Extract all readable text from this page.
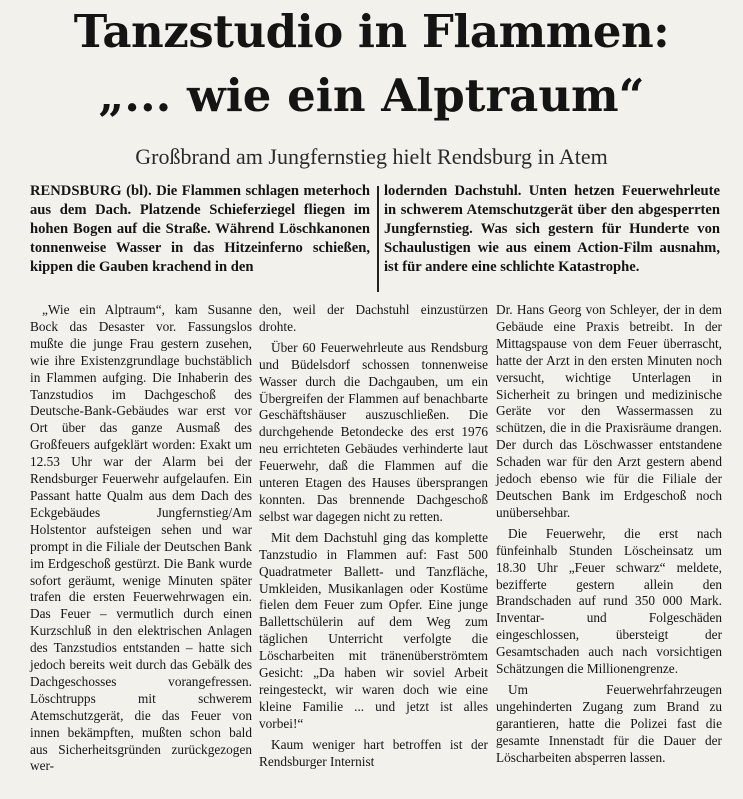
Tanzstudio in Flammen:
„... wie ein Alptraum“
Großbrand am Jungfernstieg hielt Rendsburg in Atem
RENDSBURG (bl). Die Flammen schlagen meterhoch aus dem Dach. Platzende Schieferziegel fliegen im hohen Bogen auf die Straße. Während Löschkanonen tonnenweise Wasser in das Hitzeinferno schießen, kippen die Gauben krachend in den
lodernden Dachstuhl. Unten hetzen Feuerwehrleute in schwerem Atemschutzgerät über den abgesperrten Jungfernstieg. Was sich gestern für Hunderte von Schaulustigen wie aus einem Action-Film ausnahm, ist für andere eine schlichte Katastrophe.

„Wie ein Alptraum“, kam Susanne Bock das Desaster vor. Fassungslos mußte die junge Frau gestern zusehen, wie ihre Existenzgrundlage buchstäblich in Flammen aufging. Die Inhaberin des Tanzstudios im Dachgeschoß des Deutsche-Bank-Gebäudes war erst vor Ort über das ganze Ausmaß des Großfeuers aufgeklärt worden: Exakt um 12.53 Uhr war der Alarm bei der Rendsburger Feuerwehr aufgelaufen. Ein Passant hatte Qualm aus dem Dach des Eckgebäudes Jungfernstieg/Am Holstentor aufsteigen sehen und war prompt in die Filiale der Deutschen Bank im Erdgeschoß gestürzt. Die Bank wurde sofort geräumt, wenige Minuten später trafen die ersten Feuerwehrwagen ein. Das Feuer – vermutlich durch einen Kurzschluß in den elektrischen Anlagen des Tanzstudios entstanden – hatte sich jedoch bereits weit durch das Gebälk des Dachgeschosses vorangefressen. Löschtrupps mit schwerem Atemschutzgerät, die das Feuer von innen bekämpften, mußten schon bald aus Sicherheitsgründen zurückgezogen wer-

den, weil der Dachstuhl einzustürzen drohte.

Über 60 Feuerwehrleute aus Rendsburg und Büdelsdorf schossen tonnenweise Wasser durch die Dachgauben, um ein Übergreifen der Flammen auf benachbarte Geschäftshäuser auszuschließen. Die durchgehende Betondecke des erst 1976 neu errichteten Gebäudes verhinderte laut Feuerwehr, daß die Flammen auf die unteren Etagen des Hauses übersprangen konnten. Das brennende Dachgeschoß selbst war dagegen nicht zu retten.

Mit dem Dachstuhl ging das komplette Tanzstudio in Flammen auf: Fast 500 Quadratmeter Ballett- und Tanzfläche, Umkleiden, Musikanlagen oder Kostüme fielen dem Feuer zum Opfer. Eine junge Ballettschülerin auf dem Weg zum täglichen Unterricht verfolgte die Löscharbeiten mit tränenüberströmtem Gesicht: „Da haben wir soviel Arbeit reingesteckt, wir waren doch wie eine kleine Familie ... und jetzt ist alles vorbei!“

Kaum weniger hart betroffen ist der Rendsburger Internist

Dr. Hans Georg von Schleyer, der in dem Gebäude eine Praxis betreibt. In der Mittagspause von dem Feuer überrascht, hatte der Arzt in den ersten Minuten noch versucht, wichtige Unterlagen in Sicherheit zu bringen und medizinische Geräte vor den Wassermassen zu schützen, die in die Praxisräume drangen. Der durch das Löschwasser entstandene Schaden war für den Arzt gestern abend jedoch ebenso wie für die Filiale der Deutschen Bank im Erdgeschoß noch unübersehbar.

Die Feuerwehr, die erst nach fünfeinhalb Stunden Löscheinsatz um 18.30 Uhr „Feuer schwarz“ meldete, bezifferte gestern allein den Brandschaden auf rund 350 000 Mark. Inventar- und Folgeschäden eingeschlossen, übersteigt der Gesamtschaden auch nach vorsichtigen Schätzungen die Millionengrenze.

Um Feuerwehrfahrzeugen ungehinderten Zugang zum Brand zu garantieren, hatte die Polizei fast die gesamte Innenstadt für die Dauer der Löscharbeiten absperren lassen.
